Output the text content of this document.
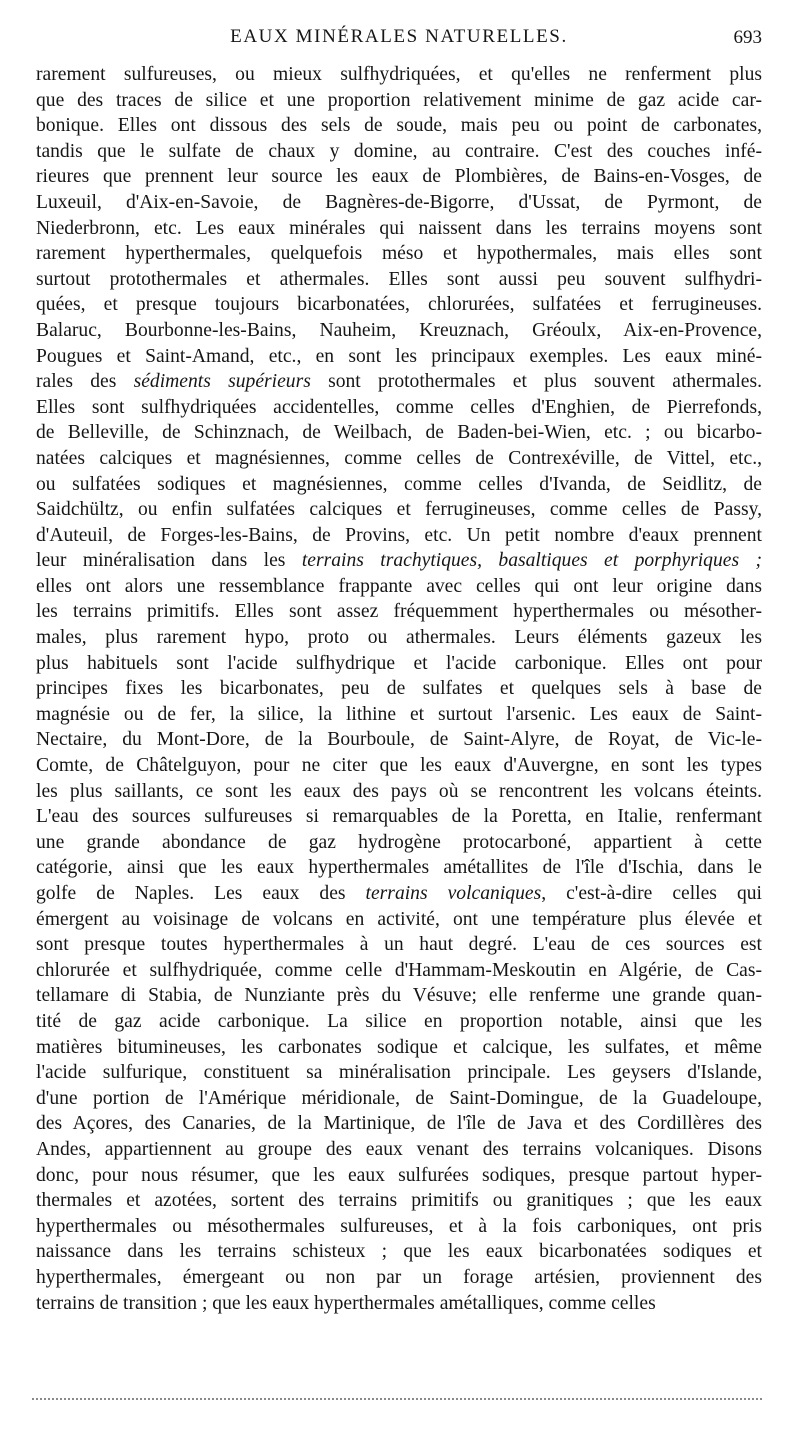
EAUX MINÉRALES NATURELLES.	693
rarement sulfureuses, ou mieux sulfhydriquées, et qu'elles ne renferment plus
que des traces de silice et une proportion relativement minime de gaz acide car-
bonique. Elles ont dissous des sels de soude, mais peu ou point de carbonates,
tandis que le sulfate de chaux y domine, au contraire. C'est des couches infé-
rieures que prennent leur source les eaux de Plombières, de Bains-en-Vosges, de
Luxeuil, d'Aix-en-Savoie, de Bagnères-de-Bigorre, d'Ussat, de Pyrmont, de
Niederbronn, etc. Les eaux minérales qui naissent dans les terrains moyens sont
rarement hyperthermales, quelquefois méso et hypothermales, mais elles sont
surtout protothermales et athermales. Elles sont aussi peu souvent sulfhydri-
quées, et presque toujours bicarbonatées, chlorurées, sulfatées et ferrugineuses.
Balaruc, Bourbonne-les-Bains, Nauheim, Kreuznach, Gréoulx, Aix-en-Provence,
Pougues et Saint-Amand, etc., en sont les principaux exemples. Les eaux miné-
rales des sédiments supérieurs sont protothermales et plus souvent athermales.
Elles sont sulfhydriquées accidentelles, comme celles d'Enghien, de Pierrefonds,
de Belleville, de Schinznach, de Weilbach, de Baden-bei-Wien, etc. ; ou bicarbo-
natées calciques et magnésiennes, comme celles de Contrexéville, de Vittel, etc.,
ou sulfatées sodiques et magnésiennes, comme celles d'Ivanda, de Seidlitz, de
Saidchültz, ou enfin sulfatées calciques et ferrugineuses, comme celles de Passy,
d'Auteuil, de Forges-les-Bains, de Provins, etc. Un petit nombre d'eaux prennent
leur minéralisation dans les terrains trachytiques, basaltiques et porphyriques ;
elles ont alors une ressemblance frappante avec celles qui ont leur origine dans
les terrains primitifs. Elles sont assez fréquemment hyperthermales ou mésother-
males, plus rarement hypo, proto ou athermales. Leurs éléments gazeux les
plus habituels sont l'acide sulfhydrique et l'acide carbonique. Elles ont pour
principes fixes les bicarbonates, peu de sulfates et quelques sels à base de
magnésie ou de fer, la silice, la lithine et surtout l'arsenic. Les eaux de Saint-
Nectaire, du Mont-Dore, de la Bourboule, de Saint-Alyre, de Royat, de Vic-le-
Comte, de Châtelguyon, pour ne citer que les eaux d'Auvergne, en sont les types
les plus saillants, ce sont les eaux des pays où se rencontrent les volcans éteints.
L'eau des sources sulfureuses si remarquables de la Poretta, en Italie, renfermant
une grande abondance de gaz hydrogène protocarboné, appartient à cette
catégorie, ainsi que les eaux hyperthermales amétallites de l'île d'Ischia, dans le
golfe de Naples. Les eaux des terrains volcaniques, c'est-à-dire celles qui
émergent au voisinage de volcans en activité, ont une température plus élevée et
sont presque toutes hyperthermales à un haut degré. L'eau de ces sources est
chlorurée et sulfhydriquée, comme celle d'Hammam-Meskoutin en Algérie, de Cas-
tellamare di Stabia, de Nunziante près du Vésuve; elle renferme une grande quan-
tité de gaz acide carbonique. La silice en proportion notable, ainsi que les
matières bitumineuses, les carbonates sodique et calcique, les sulfates, et même
l'acide sulfurique, constituent sa minéralisation principale. Les geysers d'Islande,
d'une portion de l'Amérique méridionale, de Saint-Domingue, de la Guadeloupe,
des Açores, des Canaries, de la Martinique, de l'île de Java et des Cordillères des
Andes, appartiennent au groupe des eaux venant des terrains volcaniques. Disons
donc, pour nous résumer, que les eaux sulfurées sodiques, presque partout hyper-
thermales et azotées, sortent des terrains primitifs ou granitiques ; que les eaux
hyperthermales ou mésothermales sulfureuses, et à la fois carboniques, ont pris
naissance dans les terrains schisteux ; que les eaux bicarbonatées sodiques et
hyperthermales, émergeant ou non par un forage artésien, proviennent des
terrains de transition ; que les eaux hyperthermales amétalliques, comme celles
